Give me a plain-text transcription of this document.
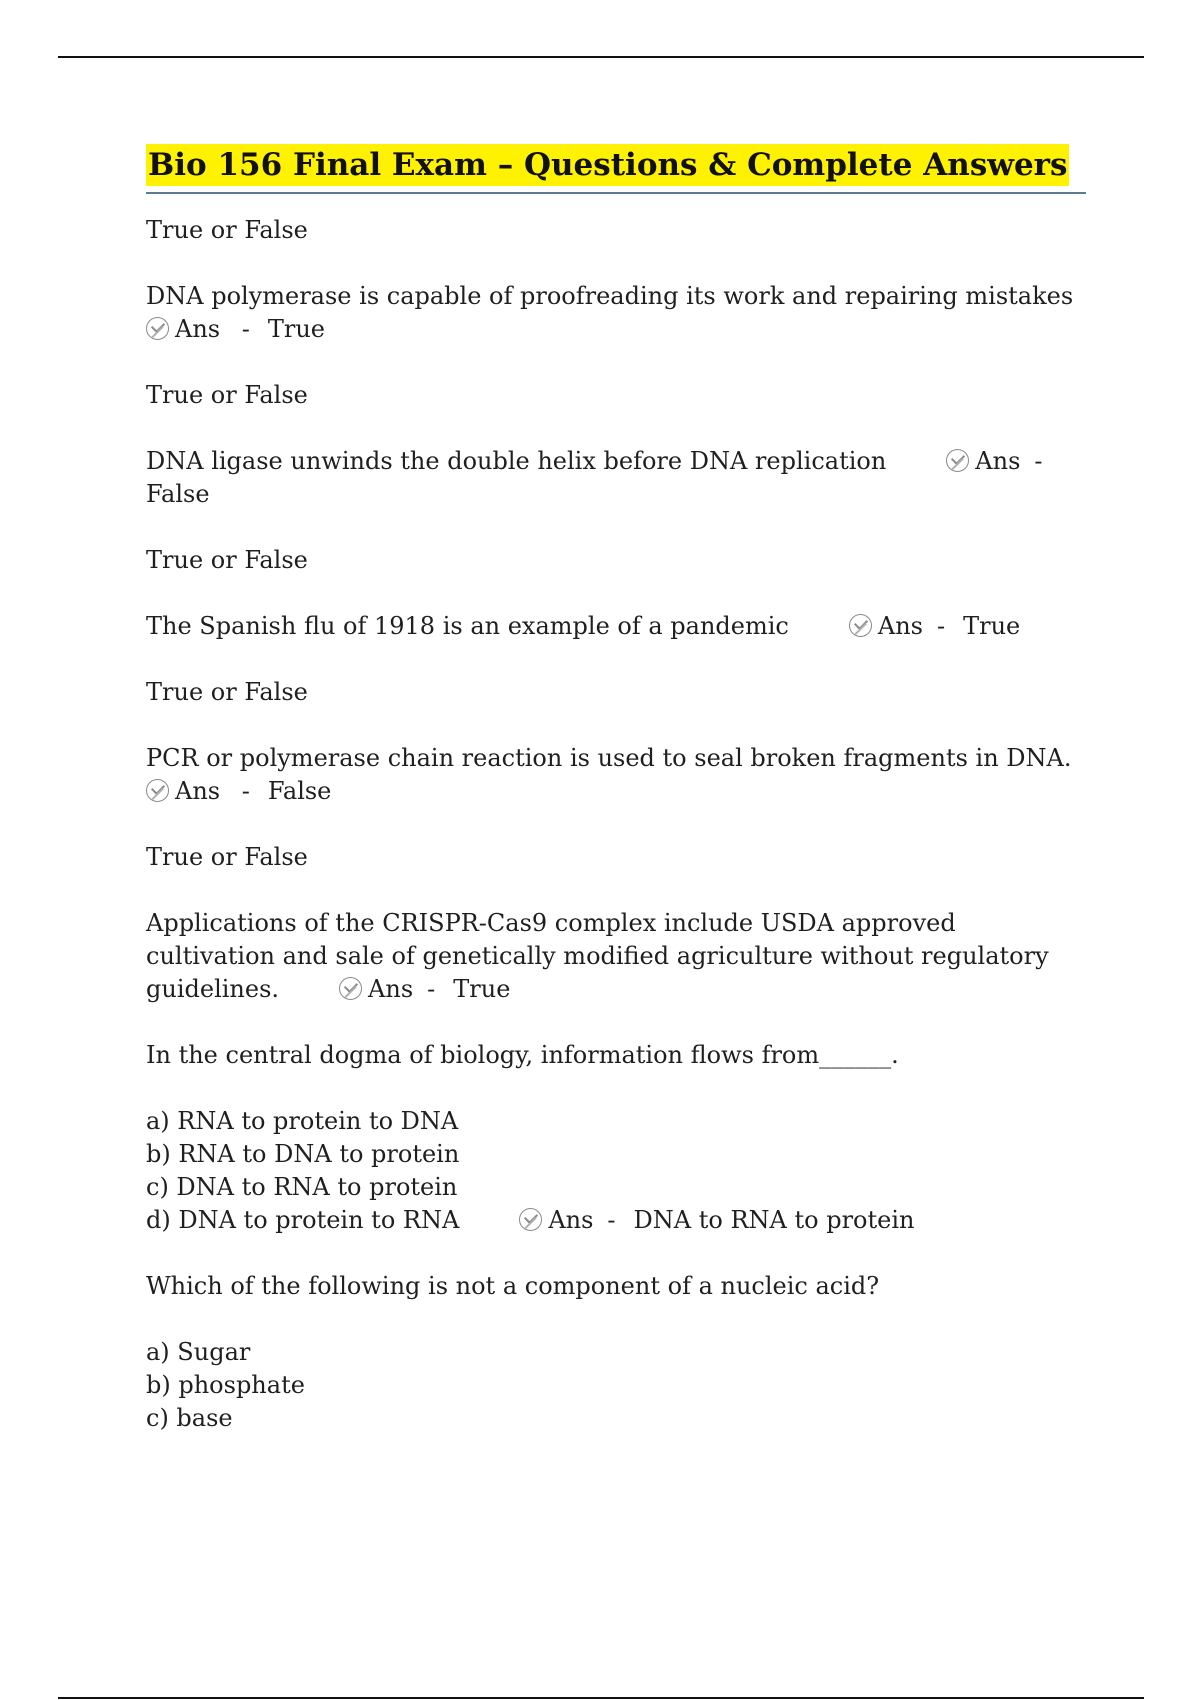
Bio 156 Final Exam – Questions & Complete Answers

True or False

DNA polymerase is capable of proofreading its work and repairing mistakes
Ans - True

True or False

DNA ligase unwinds the double helix before DNA replication	Ans -
False

True or False

The Spanish flu of 1918 is an example of a pandemic	Ans - True

True or False

PCR or polymerase chain reaction is used to seal broken fragments in DNA.
Ans - False

True or False

Applications of the CRISPR-Cas9 complex include USDA approved
cultivation and sale of genetically modified agriculture without regulatory
guidelines.	Ans - True

In the central dogma of biology, information flows from______.

a) RNA to protein to DNA
b) RNA to DNA to protein
c) DNA to RNA to protein
d) DNA to protein to RNA	Ans - DNA to RNA to protein

Which of the following is not a component of a nucleic acid?

a) Sugar
b) phosphate
c) base
